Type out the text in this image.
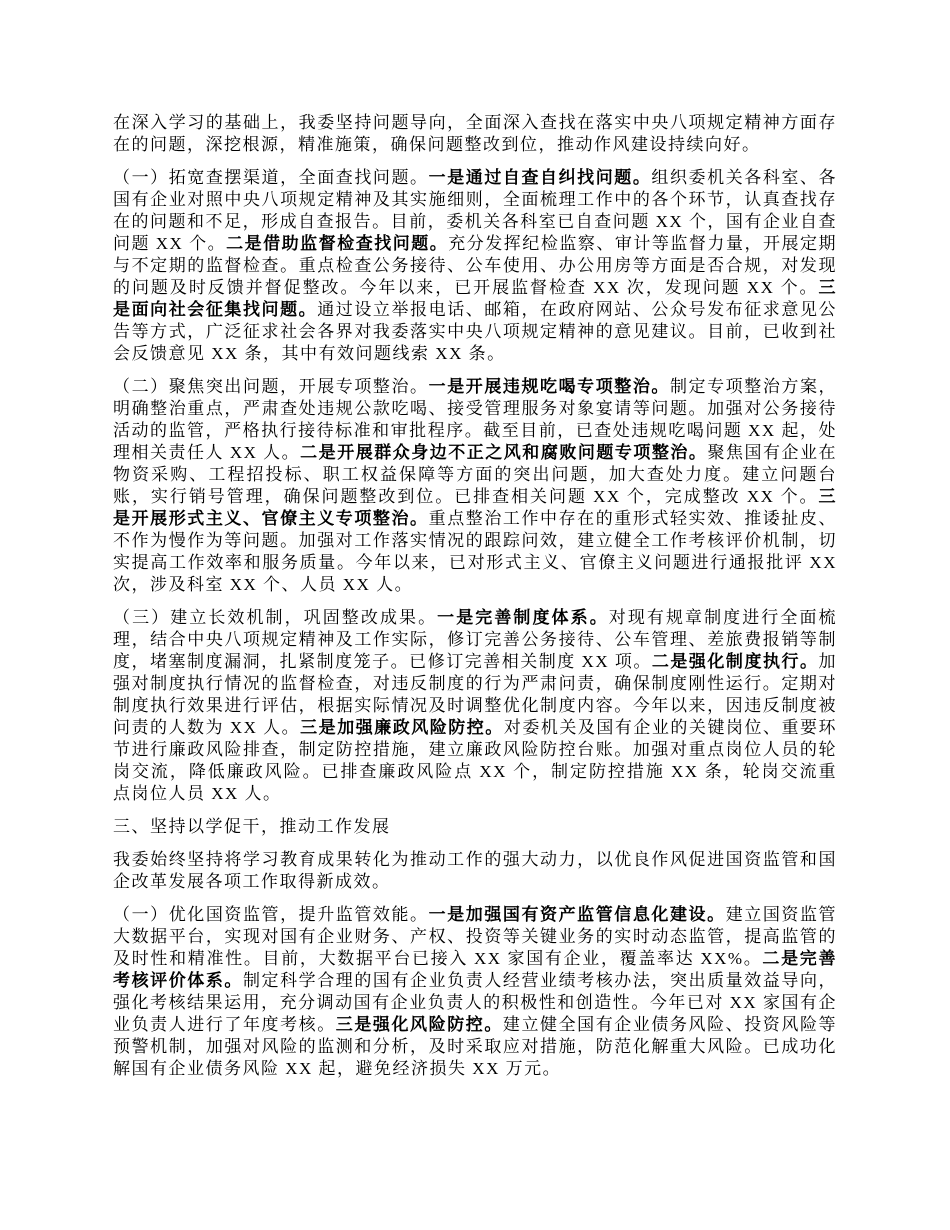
在深入学习的基础上，我委坚持问题导向，全面深入查找在落实中央八项规定精神方面存在的问题，深挖根源，精准施策，确保问题整改到位，推动作风建设持续向好。

（一）拓宽查摆渠道，全面查找问题。一是通过自查自纠找问题。组织委机关各科室、各国有企业对照中央八项规定精神及其实施细则，全面梳理工作中的各个环节，认真查找存在的问题和不足，形成自查报告。目前，委机关各科室已自查问题 XX 个，国有企业自查问题 XX 个。二是借助监督检查找问题。充分发挥纪检监察、审计等监督力量，开展定期与不定期的监督检查。重点检查公务接待、公车使用、办公用房等方面是否合规，对发现的问题及时反馈并督促整改。今年以来，已开展监督检查 XX 次，发现问题 XX 个。三是面向社会征集找问题。通过设立举报电话、邮箱，在政府网站、公众号发布征求意见公告等方式，广泛征求社会各界对我委落实中央八项规定精神的意见建议。目前，已收到社会反馈意见 XX 条，其中有效问题线索 XX 条。

（二）聚焦突出问题，开展专项整治。一是开展违规吃喝专项整治。制定专项整治方案，明确整治重点，严肃查处违规公款吃喝、接受管理服务对象宴请等问题。加强对公务接待活动的监管，严格执行接待标准和审批程序。截至目前，已查处违规吃喝问题 XX 起，处理相关责任人 XX 人。二是开展群众身边不正之风和腐败问题专项整治。聚焦国有企业在物资采购、工程招投标、职工权益保障等方面的突出问题，加大查处力度。建立问题台账，实行销号管理，确保问题整改到位。已排查相关问题 XX 个，完成整改 XX 个。三是开展形式主义、官僚主义专项整治。重点整治工作中存在的重形式轻实效、推诿扯皮、不作为慢作为等问题。加强对工作落实情况的跟踪问效，建立健全工作考核评价机制，切实提高工作效率和服务质量。今年以来，已对形式主义、官僚主义问题进行通报批评 XX 次，涉及科室 XX 个、人员 XX 人。

（三）建立长效机制，巩固整改成果。一是完善制度体系。对现有规章制度进行全面梳理，结合中央八项规定精神及工作实际，修订完善公务接待、公车管理、差旅费报销等制度，堵塞制度漏洞，扎紧制度笼子。已修订完善相关制度 XX 项。二是强化制度执行。加强对制度执行情况的监督检查，对违反制度的行为严肃问责，确保制度刚性运行。定期对制度执行效果进行评估，根据实际情况及时调整优化制度内容。今年以来，因违反制度被问责的人数为 XX 人。三是加强廉政风险防控。对委机关及国有企业的关键岗位、重要环节进行廉政风险排查，制定防控措施，建立廉政风险防控台账。加强对重点岗位人员的轮岗交流，降低廉政风险。已排查廉政风险点 XX 个，制定防控措施 XX 条，轮岗交流重点岗位人员 XX 人。

三、坚持以学促干，推动工作发展

我委始终坚持将学习教育成果转化为推动工作的强大动力，以优良作风促进国资监管和国企改革发展各项工作取得新成效。

（一）优化国资监管，提升监管效能。一是加强国有资产监管信息化建设。建立国资监管大数据平台，实现对国有企业财务、产权、投资等关键业务的实时动态监管，提高监管的及时性和精准性。目前，大数据平台已接入 XX 家国有企业，覆盖率达 XX%。二是完善考核评价体系。制定科学合理的国有企业负责人经营业绩考核办法，突出质量效益导向，强化考核结果运用，充分调动国有企业负责人的积极性和创造性。今年已对 XX 家国有企业负责人进行了年度考核。三是强化风险防控。建立健全国有企业债务风险、投资风险等预警机制，加强对风险的监测和分析，及时采取应对措施，防范化解重大风险。已成功化解国有企业债务风险 XX 起，避免经济损失 XX 万元。
